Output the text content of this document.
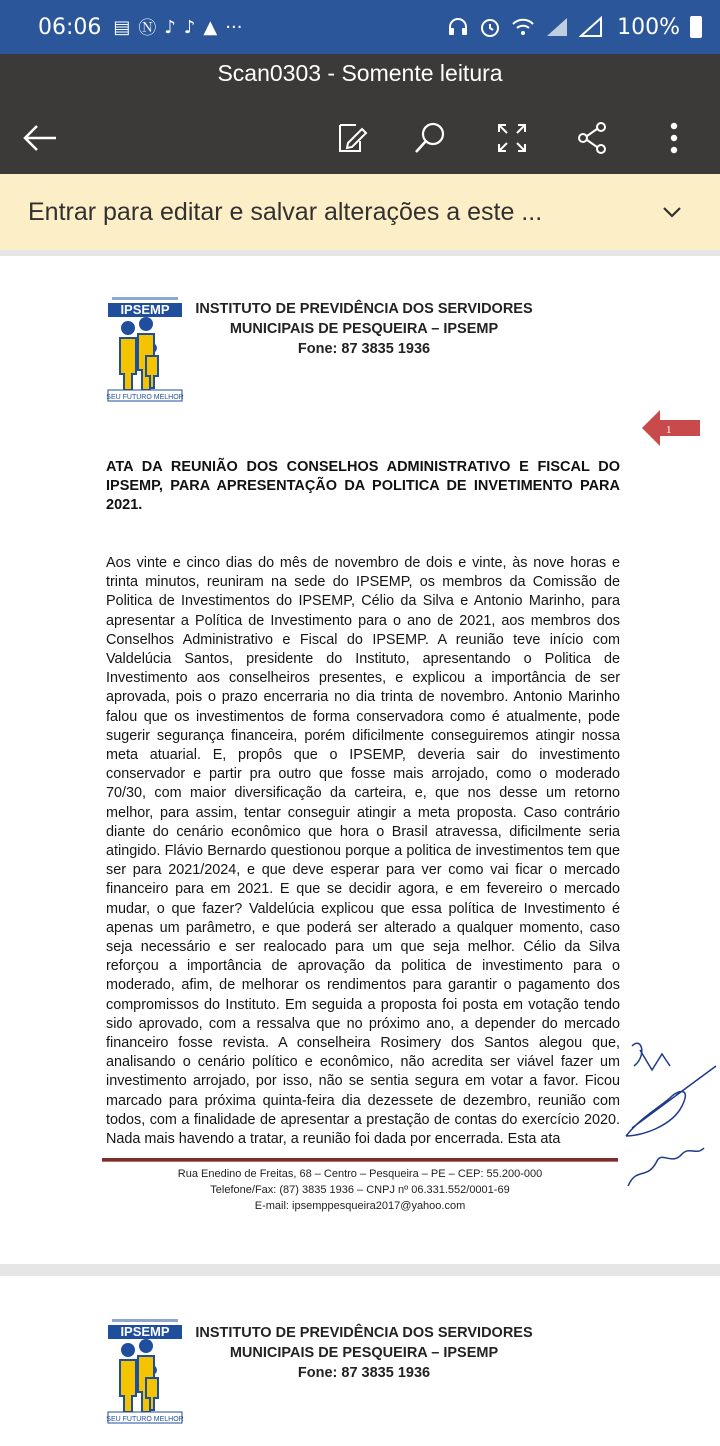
06:06 ▤ Ⓝ ♪ ♪ ▲ ···	100%
Scan0303 - Somente leitura
Entrar para editar e salvar alterações a este ...
IPSEMP
SEU FUTURO MELHOR
INSTITUTO DE PREVIDÊNCIA DOS SERVIDORES
MUNICIPAIS DE PESQUEIRA – IPSEMP
Fone: 87 3835 1936
1
ATA DA REUNIÃO DOS CONSELHOS ADMINISTRATIVO E FISCAL DO IPSEMP, PARA APRESENTAÇÃO DA POLITICA DE INVETIMENTO PARA 2021.
Aos vinte e cinco dias do mês de novembro de dois e vinte, às nove horas e trinta minutos, reuniram na sede do IPSEMP, os membros da Comissão de Politica de Investimentos do IPSEMP, Célio da Silva e Antonio Marinho, para apresentar a Política de Investimento para o ano de 2021, aos membros dos Conselhos Administrativo e Fiscal do IPSEMP. A reunião teve início com Valdelúcia Santos, presidente do Instituto, apresentando o Politica de Investimento aos conselheiros presentes, e explicou a importância de ser aprovada, pois o prazo encerraria no dia trinta de novembro. Antonio Marinho falou que os investimentos de forma conservadora como é atualmente, pode sugerir segurança financeira, porém dificilmente conseguiremos atingir nossa meta atuarial. E, propôs que o IPSEMP, deveria sair do investimento conservador e partir pra outro que fosse mais arrojado, como o moderado 70/30, com maior diversificação da carteira, e, que nos desse um retorno melhor, para assim, tentar conseguir atingir a meta proposta. Caso contrário diante do cenário econômico que hora o Brasil atravessa, dificilmente seria atingido. Flávio Bernardo questionou porque a politica de investimentos tem que ser para 2021/2024, e que deve esperar para ver como vai ficar o mercado financeiro para em 2021. E que se decidir agora, e em fevereiro o mercado mudar, o que fazer? Valdelúcia explicou que essa política de Investimento é apenas um parâmetro, e que poderá ser alterado a qualquer momento, caso seja necessário e ser realocado para um que seja melhor. Célio da Silva reforçou a importância de aprovação da politica de investimento para o moderado, afim, de melhorar os rendimentos para garantir o pagamento dos compromissos do Instituto. Em seguida a proposta foi posta em votação tendo sido aprovado, com a ressalva que no próximo ano, a depender do mercado financeiro fosse revista. A conselheira Rosimery dos Santos alegou que, analisando o cenário político e econômico, não acredita ser viável fazer um investimento arrojado, por isso, não se sentia segura em votar a favor. Ficou marcado para próxima quinta-feira dia dezessete de dezembro, reunião com todos, com a finalidade de apresentar a prestação de contas do exercício 2020. Nada mais havendo a tratar, a reunião foi dada por encerrada. Esta ata
Rua Enedino de Freitas, 68 – Centro – Pesqueira – PE – CEP: 55.200-000
Telefone/Fax: (87) 3835 1936 – CNPJ nº 06.331.552/0001-69
E-mail: ipsemppesqueira2017@yahoo.com
IPSEMP
SEU FUTURO MELHOR
INSTITUTO DE PREVIDÊNCIA DOS SERVIDORES
MUNICIPAIS DE PESQUEIRA – IPSEMP
Fone: 87 3835 1936
